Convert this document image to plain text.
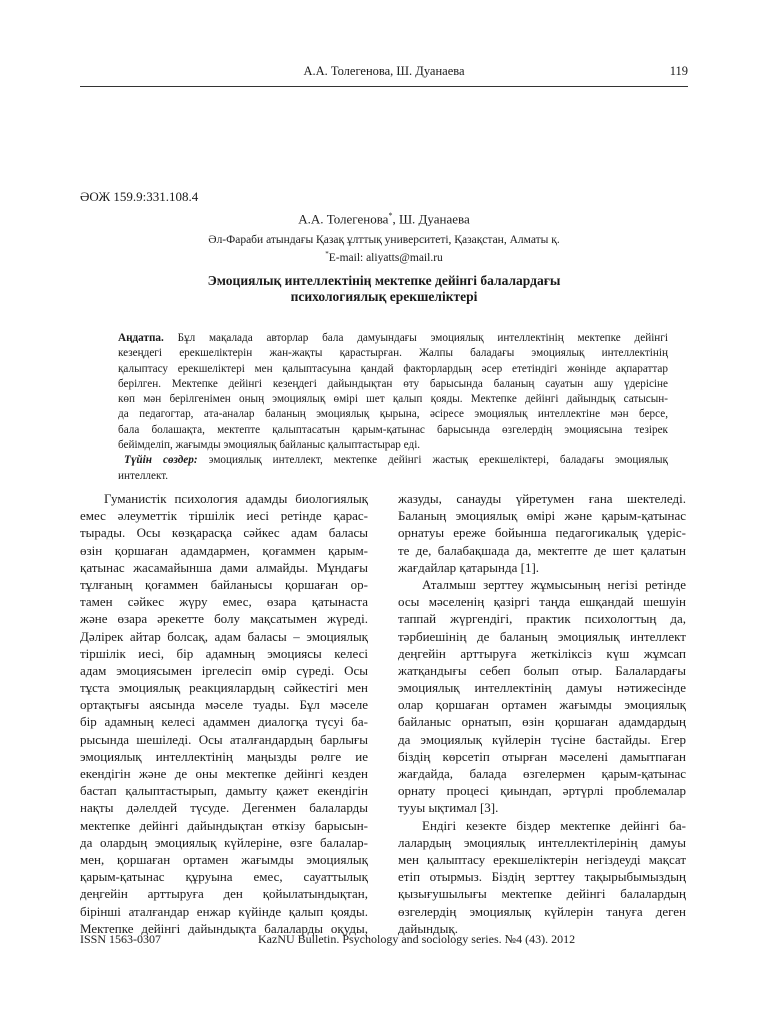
А.А. Толегенова, Ш. Дуанаева	119
ӘОЖ 159.9:331.108.4
А.А. Толегенова*, Ш. Дуанаева
Әл-Фараби атындағы Қазақ ұлттық университеті, Қазақстан, Алматы қ.
*E-mail: aliyatts@mail.ru
Эмоциялық интеллектінің мектепке дейінгі балалардағы
психологиялық ерекшеліктері
Аңдатпа. Бұл мақалада авторлар бала дамуындағы эмоциялық интеллектінің мектепке дейінгі
кезеңдегі ерекшеліктерін жан-жақты қарастырған. Жалпы баладағы эмоциялық интеллектінің
қалыптасу ерекшеліктері мен қалыптасуына қандай факторлардың әсер ететіндігі жөнінде ақпараттар
берілген. Мектепке дейінгі кезеңдегі дайындықтан өту барысында баланың сауатын ашу үдерісіне
көп мән берілгенімен оның эмоциялық өмірі шет қалып қояды. Мектепке дейінгі дайындық сатысын-
да педагогтар, ата-аналар баланың эмоциялық қырына, әсіресе эмоциялық интеллектіне мән берсе,
бала болашақта, мектепте қалыптасатын қарым-қатынас барысында өзгелердің эмоциясына тезірек
бейімделіп, жағымды эмоциялық байланыс қалыптастырар еді.
Түйін сөздер: эмоциялық интеллект, мектепке дейінгі жастық ерекшеліктері, баладағы эмоциялық
интеллект.
Гуманистік психология адамды биологиялық
емес әлеуметтік тіршілік иесі ретінде қарас-
тырады. Осы көзқарасқа сәйкес адам баласы
өзін қоршаған адамдармен, қоғаммен қарым-
қатынас жасамайынша дами алмайды. Мұндағы
тұлғаның қоғаммен байланысы қоршаған ор-
тамен сәйкес жүру емес, өзара қатынаста
және өзара әрекетте болу мақсатымен жүреді.
Дәлірек айтар болсақ, адам баласы – эмоциялық
тіршілік иесі, бір адамның эмоциясы келесі
адам эмоциясымен іргелесіп өмір сүреді. Осы
тұста эмоциялық реакциялардың сәйкестігі мен
ортақтығы аясында мәселе туады. Бұл мәселе
бір адамның келесі адаммен диалогқа түсуі ба-
рысында шешіледі. Осы аталғандардың барлығы
эмоциялық интеллектінің маңызды рөлге ие
екендігін және де оны мектепке дейінгі кезден
бастап қалыптастырып, дамыту қажет екендігін
нақты дәлелдей түсуде. Дегенмен балаларды
мектепке дейінгі дайындықтан өткізу барысын-
да олардың эмоциялық күйлеріне, өзге балалар-
мен, қоршаған ортамен жағымды эмоциялық
қарым-қатынас құруына емес, сауаттылық
деңгейін арттыруға ден қойылатындықтан,
бірінші аталғандар енжар күйінде қалып қояды.
Мектепке дейінгі дайындықта балаларды оқуды,
жазуды, санауды үйретумен ғана шектеледі.
Баланың эмоциялық өмірі және қарым-қатынас
орнатуы ереже бойынша педагогикалық үдеріс-
те де, балабақшада да, мектепте де шет қалатын
жағдайлар қатарында [1].
Аталмыш зерттеу жұмысының негізі ретінде
осы мәселенің қазіргі таңда ешқандай шешуін
таппай жүргендігі, практик психологтың да,
тәрбиешінің де баланың эмоциялық интеллект
деңгейін арттыруға жеткіліксіз күш жұмсап
жатқандығы себеп болып отыр. Балалардағы
эмоциялық интеллектінің дамуы нәтижесінде
олар қоршаған ортамен жағымды эмоциялық
байланыс орнатып, өзін қоршаған адамдардың
да эмоциялық күйлерін түсіне бастайды. Егер
біздің көрсетіп отырған мәселені дамытпаған
жағдайда, балада өзгелермен қарым-қатынас
орнату процесі қиындап, әртүрлі проблемалар
тууы ықтимал [3].
Ендігі кезекте біздер мектепке дейінгі ба-
лалардың эмоциялық интеллектілерінің дамуы
мен қалыптасу ерекшеліктерін негіздеуді мақсат
етіп отырмыз. Біздің зерттеу тақырыбымыздың
қызығушылығы мектепке дейінгі балалардың
өзгелердің эмоциялық күйлерін тануға деген
дайындық.
ISSN 1563-0307	KazNU Bulletin. Psychology and sociology series. №4 (43). 2012
